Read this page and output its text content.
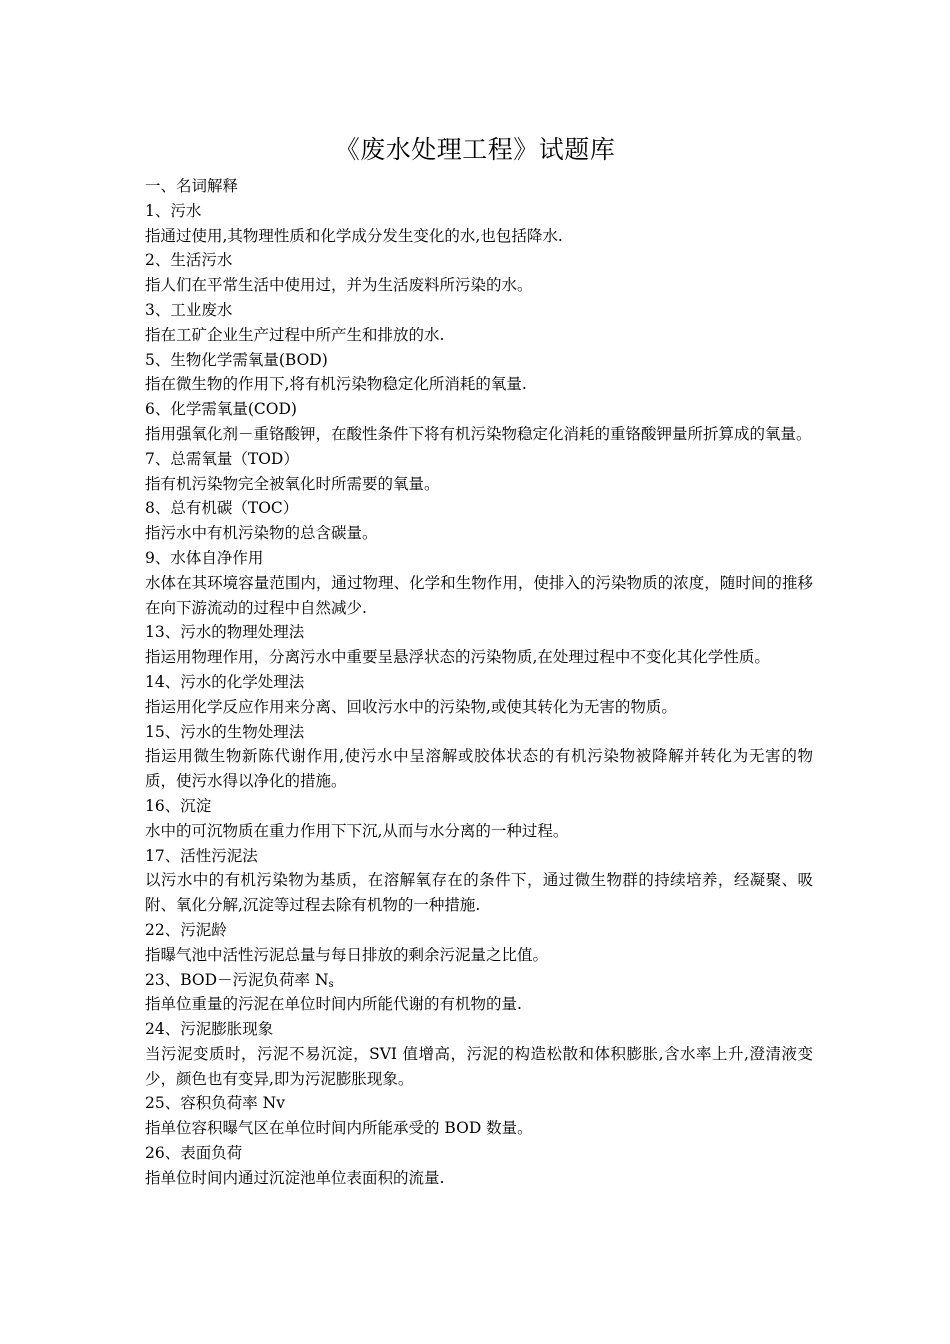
《废水处理工程》试题库
一、名词解释
1、污水
指通过使用,其物理性质和化学成分发生变化的水,也包括降水.
2、生活污水
指人们在平常生活中使用过，并为生活废料所污染的水。
3、工业废水
指在工矿企业生产过程中所产生和排放的水.
5、生物化学需氧量(BOD)
指在微生物的作用下,将有机污染物稳定化所消耗的氧量.
6、化学需氧量(COD)
指用强氧化剂－重铬酸钾，在酸性条件下将有机污染物稳定化消耗的重铬酸钾量所折算成的氧量。
7、总需氧量（TOD）
指有机污染物完全被氧化时所需要的氧量。
8、总有机碳（TOC）
指污水中有机污染物的总含碳量。
9、水体自净作用
水体在其环境容量范围内，通过物理、化学和生物作用，使排入的污染物质的浓度，随时间的推移在向下游流动的过程中自然减少.
13、污水的物理处理法
指运用物理作用，分离污水中重要呈悬浮状态的污染物质,在处理过程中不变化其化学性质。
14、污水的化学处理法
指运用化学反应作用来分离、回收污水中的污染物,或使其转化为无害的物质。
15、污水的生物处理法
指运用微生物新陈代谢作用,使污水中呈溶解或胶体状态的有机污染物被降解并转化为无害的物质，使污水得以净化的措施。
16、沉淀
水中的可沉物质在重力作用下下沉,从而与水分离的一种过程。
17、活性污泥法
以污水中的有机污染物为基质，在溶解氧存在的条件下，通过微生物群的持续培养，经凝聚、吸附、氧化分解,沉淀等过程去除有机物的一种措施.
22、污泥龄
指曝气池中活性污泥总量与每日排放的剩余污泥量之比值。
23、BOD－污泥负荷率 $N_s$
指单位重量的污泥在单位时间内所能代谢的有机物的量.
24、污泥膨胀现象
当污泥变质时，污泥不易沉淀，SVI 值增高，污泥的构造松散和体积膨胀,含水率上升,澄清液变少，颜色也有变异,即为污泥膨胀现象。
25、容积负荷率 Nv
指单位容积曝气区在单位时间内所能承受的 BOD 数量。
26、表面负荷
指单位时间内通过沉淀池单位表面积的流量.
